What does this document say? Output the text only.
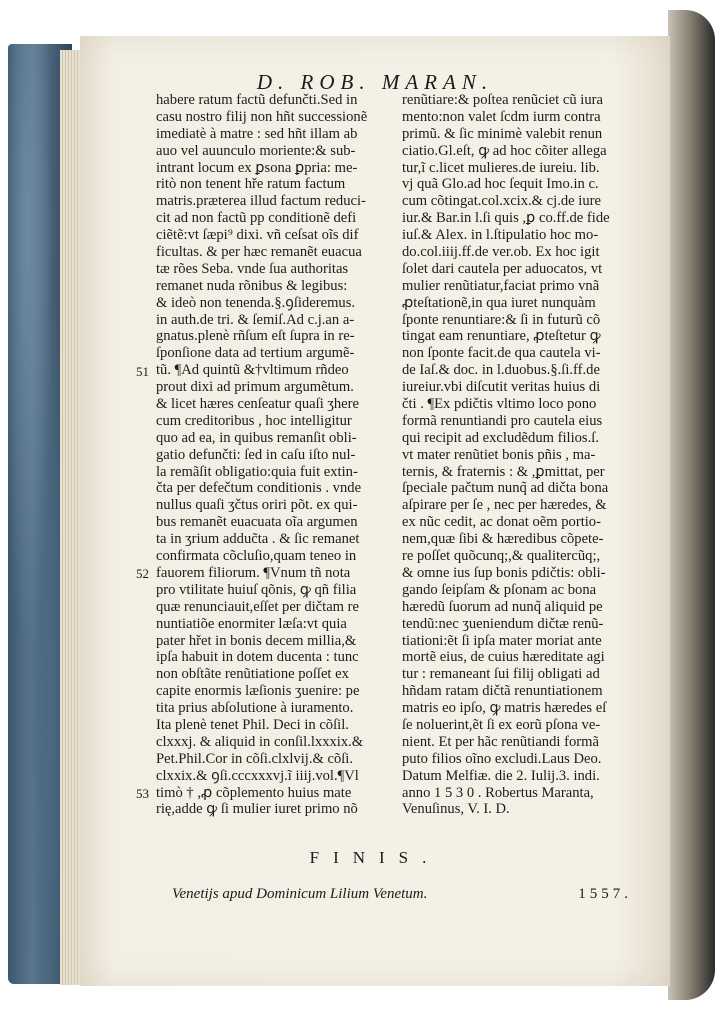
D. ROB. MARAN.
habere ratum factũ defunčti.Sed in
casu nostro filij non hñt successionẽ
imediatè à matre : sed hñt illam ab
auo vel auunculo moriente:& sub-
intrant locum ex ꝑsona ꝑpria: me-
ritò non tenent hře ratum factum
matris.præterea illud factum reduci-
cit ad non factũ pp conditionẽ defi
ciẽtẽ:vt ſæpi⁹ dixi. vñ ceſsat oĩs dif
ficultas. & per hæc remanẽt euacua
tæ rões Seba. vnde ſua authoritas
remanet nuda rõnibus & legibus:
& ideò non tenenda.§.ꝯſideremus.
in auth.de tri. & ſemiſ.Ad c.j.an a-
gnatus.plenè rñſum eſt ſupra in re-
ſponſione data ad tertium argumẽ-
tũ. ¶Ad quintũ &†vltimum rñdeo
prout dixi ad primum argumẽtum.
& licet hæres cenſeatur quaſi ʒhere
cum creditoribus , hoc intelligitur
quo ad ea, in quibus remanſit obli-
gatio defunčti: ſed in caſu iſto nul-
la remãſit obligatio:quia fuit extin-
čta per defečtum conditionis . vnde
nullus quaſi ʒčtus oriri põt. ex qui-
bus remanẽt euacuata oĩa argumen
ta in ʒrium adduc̃ta . & ſic remanet
confirmata cõcluſio,quam teneo in
fauorem filiorum. ¶Vnum tñ nota
pro vtilitate huiuſ qõnis, ꝙ qñ filia
quæ renunciauit,eſſet per dičtam re
nuntiatiõe enormiter læſa:vt quia
pater hřet in bonis decem millia,&
ipſa habuit in dotem ducenta : tunc
non obſtãte renũtiatione poſſet ex
capite enormis læſionis ʒuenire: pe
tita prius abſolutione à iuramento.
Ita plenè tenet Phil. Deci in cõſil.
clxxxj. & aliquid in conſil.lxxxix.&
Pet.Phil.Cor in cõſi.clxlvij.& cõſi.
clxxix.& ꝯſi.cccxxxvj.ĩ iiij.vol.¶Vl
timò † ,ꝓ cõplemento huius mate
rię,adde ꝙ ſi mulier iuret primo nõ
renũtiare:& poſtea renũciet cũ iura
mento:non valet ſcdm iurm contra
primũ. & ſic minimè valebit renun
ciatio.Gl.eſt, ꝙ ad hoc cõiter allega
tur,ĩ c.licet mulieres.de iureiu. lib.
vj quã Glo.ad hoc ſequit Imo.in c.
cum cõtingat.col.xcix.& cj.de iure
iur.& Bar.in l.ſi quis ,ꝑ co.ff.de fide
iuſ.& Alex. in l.ſtipulatio hoc mo-
do.col.iiij.ff.de ver.ob. Ex hoc igit
ſolet dari cautela per aduocatos, vt
mulier renũtiatur,faciat primo vnã
ꝓteſtationẽ,in qua iuret nunquàm
ſponte renuntiare:& ſi in futurũ cõ
tingat eam renuntiare, ꝓteſtetur ꝙ
non ſponte facit.de qua cautela vi-
de Iaſ.& doc. in l.duobus.§.ſi.ff.de
iureiur.vbi diſcutit veritas huius di
čti . ¶Ex pdičtis vltimo loco pono
formã renuntiandi pro cautela eius
qui recipit ad excludẽdum filios.ſ.
vt mater renũtiet bonis pñis , ma-
ternis, & fraternis : & ,ꝑmittat, per
ſpeciale pačtum nunq̃ ad dičta bona
aſpirare per ſe , nec per hæredes, &
ex nũc cedit, ac donat oẽm portio-
nem,quæ ſibi & hæredibus cõpete-
re poſſet quõcunq;,& qualitercũq;,
& omne ius ſup bonis pdičtis: obli-
gando ſeipſam & pſonam ac bona
hæredũ ſuorum ad nunq̃ aliquid pe
tendũ:nec ʒueniendum dičtæ renũ-
tiationi:ẽt ſi ipſa mater moriat ante
mortẽ eius, de cuius hæreditate agi
tur : remaneant ſui filij obligati ad
hñdam ratam dičtã renuntiationem
matris eo ipſo, ꝙ matris hæredes eſ
ſe noluerint,ẽt ſi ex eorũ pſona ve-
nient. Et per hãc renũtiandi formã
puto filios oĩno excludi.Laus Deo.
Datum Melfiæ. die 2. Iulij.3. indi.
anno 1 5 3 0 . Robertus Maranta,
Venuſinus, V. I. D.
51
52
53
FINIS.
Venetijs apud Dominicum Lilium Venetum.	1557.
